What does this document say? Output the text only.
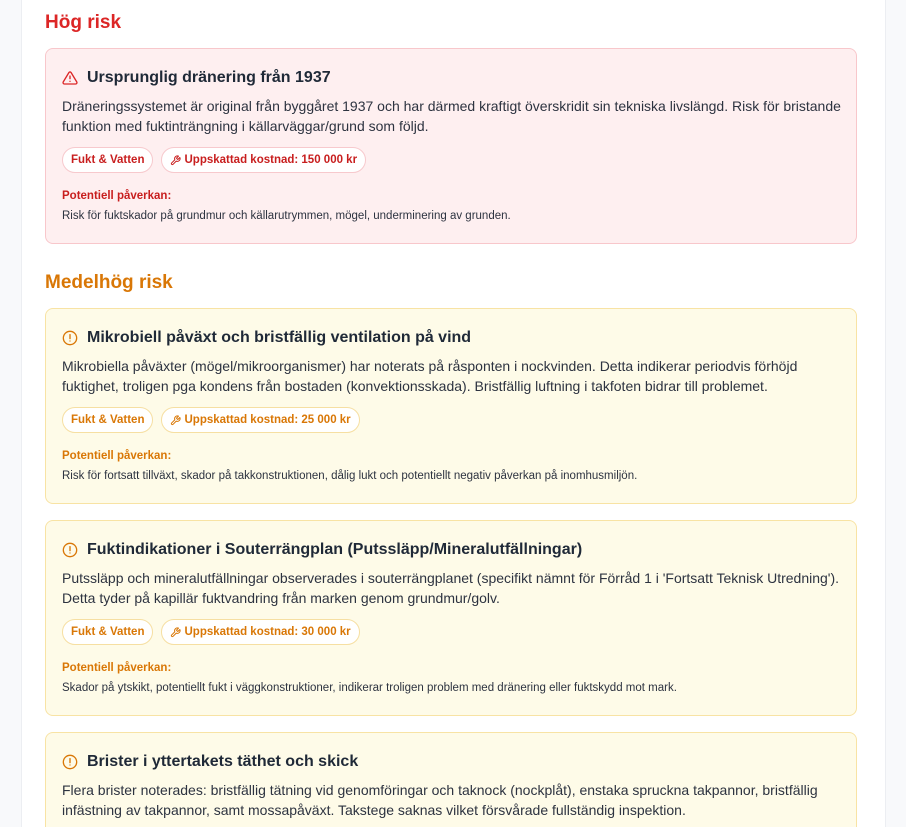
Hög risk
Ursprunglig dränering från 1937
Dräneringssystemet är original från byggåret 1937 och har därmed kraftigt överskridit sin tekniska livslängd. Risk för bristande funktion med fuktinträngning i källarväggar/grund som följd.
Fukt & Vatten	Uppskattad kostnad: 150 000 kr
Potentiell påverkan:
Risk för fuktskador på grundmur och källarutrymmen, mögel, underminering av grunden.
Medelhög risk
Mikrobiell påväxt och bristfällig ventilation på vind
Mikrobiella påväxter (mögel/mikroorganismer) har noterats på råsponten i nockvinden. Detta indikerar periodvis förhöjd fuktighet, troligen pga kondens från bostaden (konvektionsskada). Bristfällig luftning i takfoten bidrar till problemet.
Fukt & Vatten	Uppskattad kostnad: 25 000 kr
Potentiell påverkan:
Risk för fortsatt tillväxt, skador på takkonstruktionen, dålig lukt och potentiellt negativ påverkan på inomhusmiljön.
Fuktindikationer i Souterrängplan (Putssläpp/Mineralutfällningar)
Putssläpp och mineralutfällningar observerades i souterrängplanet (specifikt nämnt för Förråd 1 i 'Fortsatt Teknisk Utredning'). Detta tyder på kapillär fuktvandring från marken genom grundmur/golv.
Fukt & Vatten	Uppskattad kostnad: 30 000 kr
Potentiell påverkan:
Skador på ytskikt, potentiellt fukt i väggkonstruktioner, indikerar troligen problem med dränering eller fuktskydd mot mark.
Brister i yttertakets täthet och skick
Flera brister noterades: bristfällig tätning vid genomföringar och taknock (nockplåt), enstaka spruckna takpannor, bristfällig infästning av takpannor, samt mossapåväxt. Takstege saknas vilket försvårade fullständig inspektion.
